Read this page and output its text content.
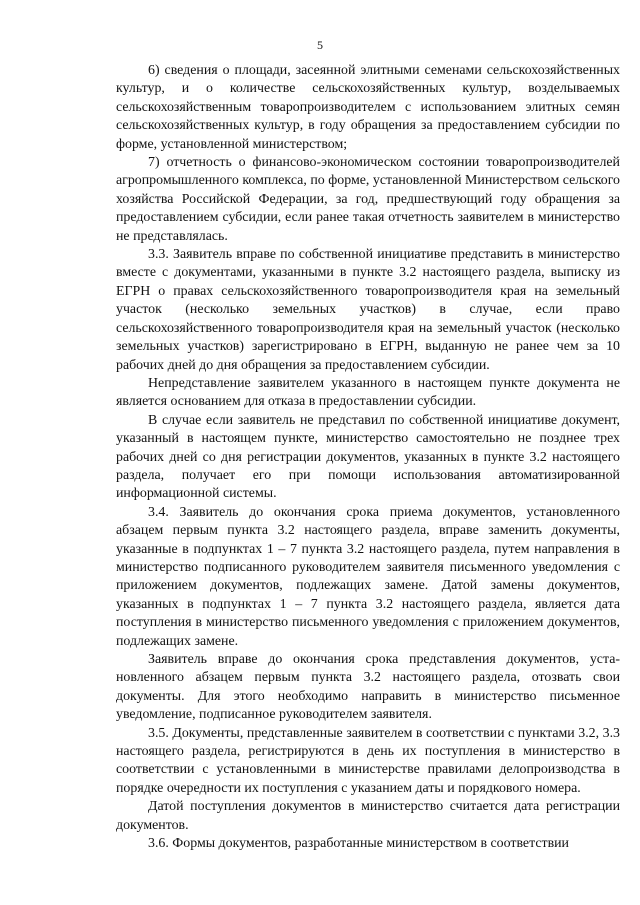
5

6) сведения о площади, засеянной элитными семенами сельскохозяйственных культур, и о количестве сельскохозяйственных культур, возделываемых сельскохозяйственным товаропроизводителем с использованием элитных семян сельскохозяйственных культур, в году обращения за предоставлением субсидии по форме, установленной министерством;

7) отчетность о финансово-экономическом состоянии товаропроизводителей агропромышленного комплекса, по форме, установленной Министерством сельского хозяйства Российской Федерации, за год, предшествующий году обращения за предоставлением субсидии, если ранее такая отчетность заявителем в министерство не представлялась.

3.3. Заявитель вправе по собственной инициативе представить в министерство вместе с документами, указанными в пункте 3.2 настоящего раздела, выписку из ЕГРН о правах сельскохозяйственного товаропроизводителя края на земельный участок (несколько земельных участков) в случае, если право сельскохозяйственного товаропроизводителя края на земельный участок (несколько земельных участков) зарегистрировано в ЕГРН, выданную не ранее чем за 10 рабочих дней до дня обращения за предоставлением субсидии.

Непредставление заявителем указанного в настоящем пункте документа не является основанием для отказа в предоставлении субсидии.

В случае если заявитель не представил по собственной инициативе документ, указанный в настоящем пункте, министерство самостоятельно не позднее трех рабочих дней со дня регистрации документов, указанных в пункте 3.2 настоящего раздела, получает его при помощи использования автоматизированной информационной системы.

3.4. Заявитель до окончания срока приема документов, установленного абзацем первым пункта 3.2 настоящего раздела, вправе заменить документы, указанные в подпунктах 1 – 7 пункта 3.2 настоящего раздела, путем направления в министерство подписанного руководителем заявителя письменного уведомления с приложением документов, подлежащих замене. Датой замены документов, указанных в подпунктах 1 – 7 пункта 3.2 настоящего раздела, является дата поступления в министерство письменного уведомления с приложением документов, подлежащих замене.

Заявитель вправе до окончания срока представления документов, установленного абзацем первым пункта 3.2 настоящего раздела, отозвать свои документы. Для этого необходимо направить в министерство письменное уведомление, подписанное руководителем заявителя.

3.5. Документы, представленные заявителем в соответствии с пунктами 3.2, 3.3 настоящего раздела, регистрируются в день их поступления в министерство в соответствии с установленными в министерстве правилами делопроизводства в порядке очередности их поступления с указанием даты и порядкового номера.

Датой поступления документов в министерство считается дата регистрации документов.

3.6. Формы документов, разработанные министерством в соответствии
